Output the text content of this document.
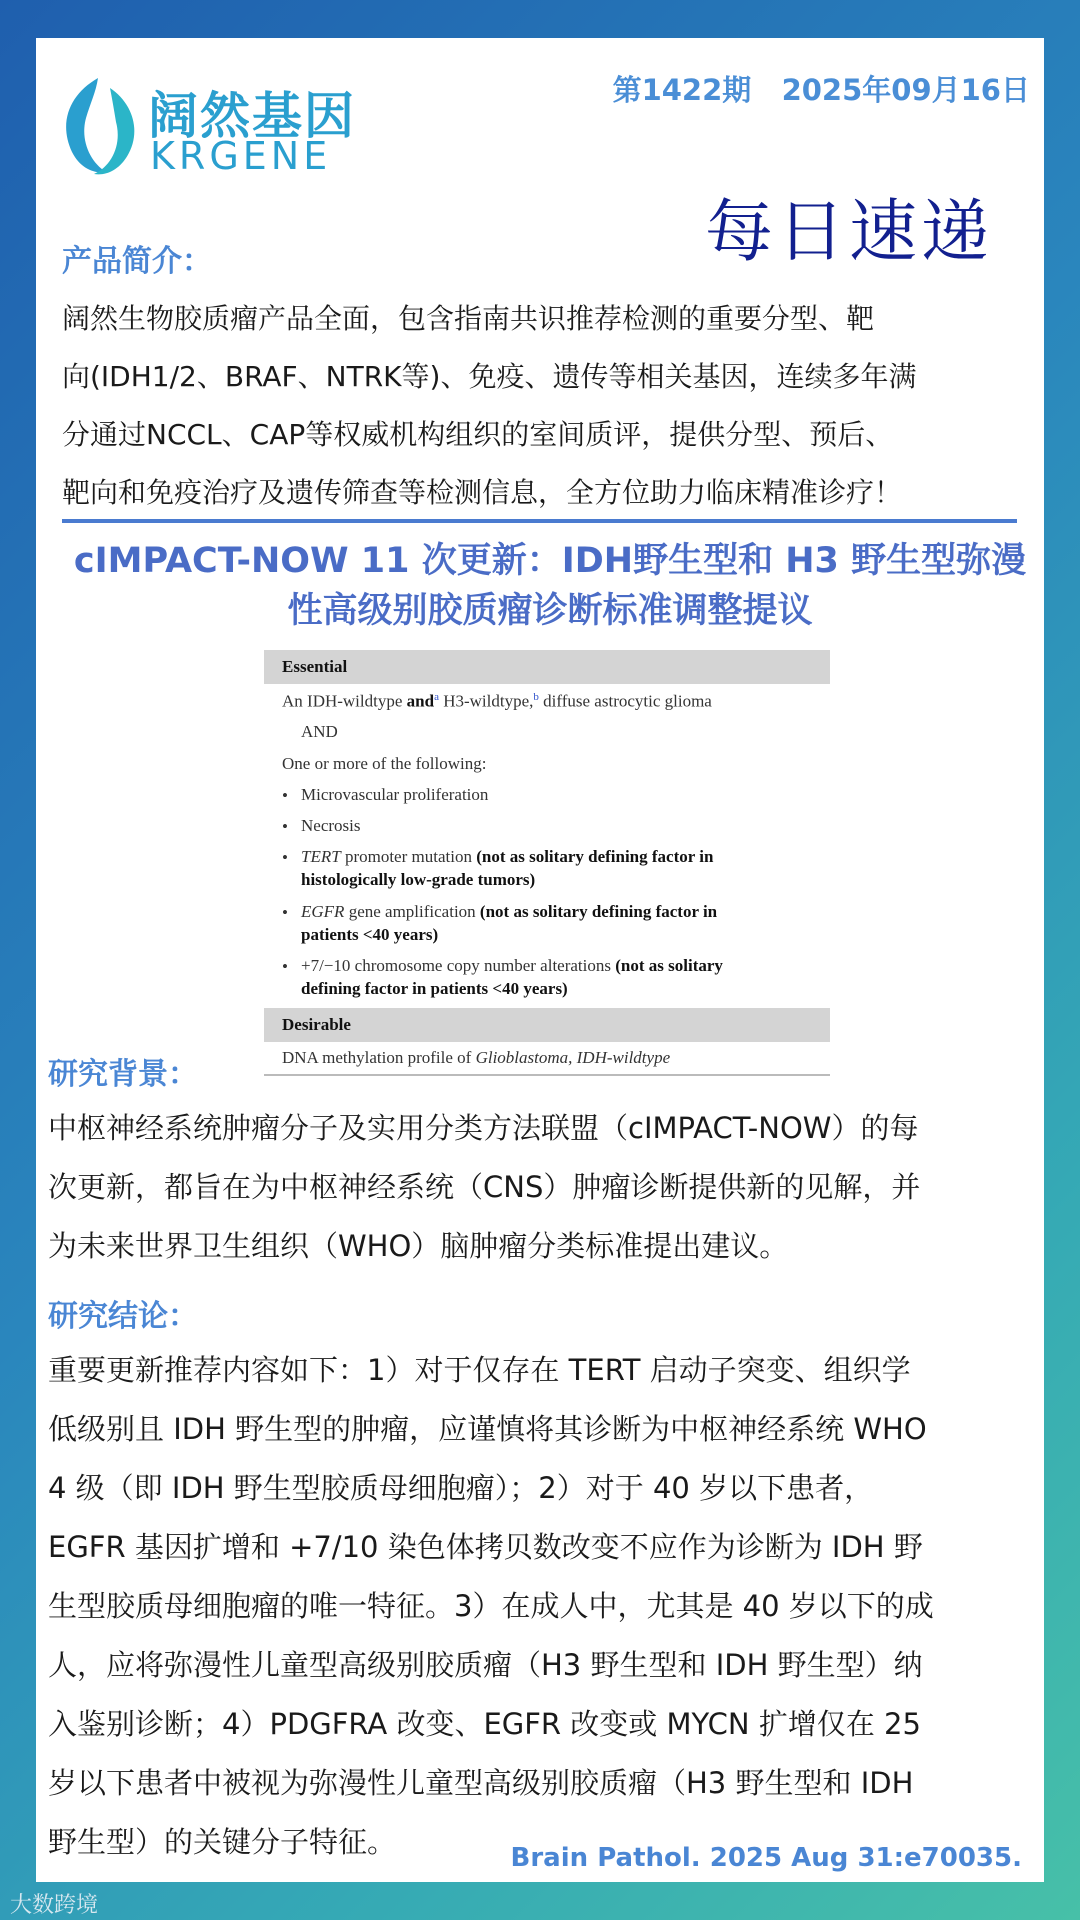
阔然基因
KRGENE
第1422期   2025年09月16日
每日速递
产品简介：
阔然生物胶质瘤产品全面，包含指南共识推荐检测的重要分型、靶
向(IDH1/2、BRAF、NTRK等)、免疫、遗传等相关基因，连续多年满
分通过NCCL、CAP等权威机构组织的室间质评，提供分型、预后、
靶向和免疫治疗及遗传筛查等检测信息，全方位助力临床精准诊疗！
cIMPACT-NOW 11 次更新：IDH野生型和 H3 野生型弥漫
性高级别胶质瘤诊断标准调整提议
Essential
An IDH-wildtype and$^a$ H3-wildtype,$^b$ diffuse astrocytic glioma
AND
One or more of the following:
• Microvascular proliferation
• Necrosis
• TERT promoter mutation (not as solitary defining factor in
histologically low-grade tumors)
• EGFR gene amplification (not as solitary defining factor in
patients <40 years)
• +7/−10 chromosome copy number alterations (not as solitary
defining factor in patients <40 years)
Desirable
DNA methylation profile of Glioblastoma, IDH-wildtype
研究背景：
中枢神经系统肿瘤分子及实用分类方法联盟（cIMPACT-NOW）的每
次更新，都旨在为中枢神经系统（CNS）肿瘤诊断提供新的见解，并
为未来世界卫生组织（WHO）脑肿瘤分类标准提出建议。
研究结论：
重要更新推荐内容如下：1）对于仅存在 TERT 启动子突变、组织学
低级别且 IDH 野生型的肿瘤，应谨慎将其诊断为中枢神经系统 WHO
4 级（即 IDH 野生型胶质母细胞瘤）；2）对于 40 岁以下患者，
EGFR 基因扩增和 +7/10 染色体拷贝数改变不应作为诊断为 IDH 野
生型胶质母细胞瘤的唯一特征。3）在成人中，尤其是 40 岁以下的成
人，应将弥漫性儿童型高级别胶质瘤（H3 野生型和 IDH 野生型）纳
入鉴别诊断；4）PDGFRA 改变、EGFR 改变或 MYCN 扩增仅在 25
岁以下患者中被视为弥漫性儿童型高级别胶质瘤（H3 野生型和 IDH
野生型）的关键分子特征。	Brain Pathol. 2025 Aug 31:e70035.
大数跨境
